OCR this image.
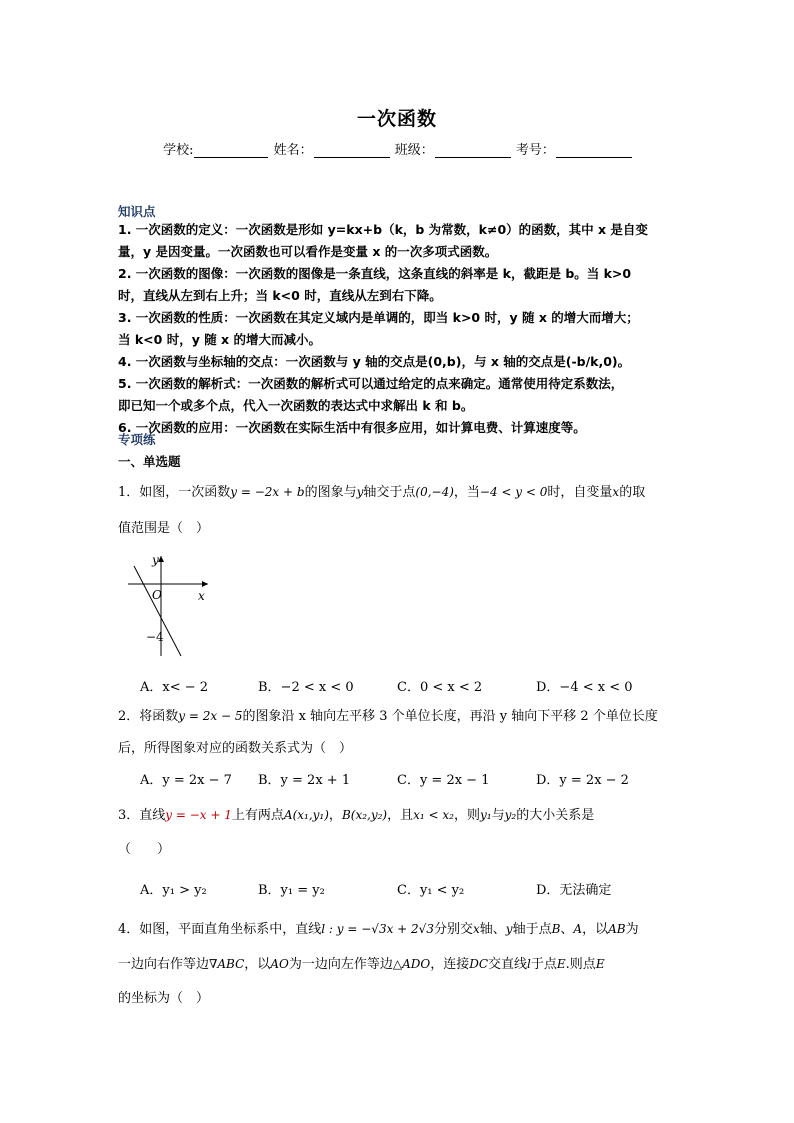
一次函数
学校:	姓名：	班级：	考号：
知识点

1. 一次函数的定义：一次函数是形如 y=kx+b（k，b 为常数，k≠0）的函数，其中 x 是自变

量，y 是因变量。一次函数也可以看作是变量 x 的一次多项式函数。

2. 一次函数的图像：一次函数的图像是一条直线，这条直线的斜率是 k，截距是 b。当 k>0

时，直线从左到右上升；当 k<0 时，直线从左到右下降。

3. 一次函数的性质：一次函数在其定义域内是单调的，即当 k>0 时，y 随 x 的增大而增大；

当 k<0 时，y 随 x 的增大而减小。

4. 一次函数与坐标轴的交点：一次函数与 y 轴的交点是(0,b)，与 x 轴的交点是(-b/k,0)。

5. 一次函数的解析式：一次函数的解析式可以通过给定的点来确定。通常使用待定系数法，

即已知一个或多个点，代入一次函数的表达式中求解出 k 和 b。

6. 一次函数的应用：一次函数在实际生活中有很多应用，如计算电费、计算速度等。

专项练
一、单选题

1．如图，一次函数y = −2x + b的图象与y轴交于点(0,−4)，当−4 < y < 0时，自变量x的取

值范围是（　）

y
x
O
−4
A．x< − 2	B．−2 < x < 0	C．0 < x < 2	D．−4 < x < 0

2．将函数y = 2x − 5的图象沿 x 轴向左平移 3 个单位长度，再沿 y 轴向下平移 2 个单位长度

后，所得图象对应的函数关系式为（　）

A．y = 2x − 7 B．y = 2x + 1	C．y = 2x − 1	D．y = 2x − 2

3．直线y = −x + 1上有两点A(x₁,y₁)，B(x₂,y₂)，且x₁ < x₂，则y₁与y₂的大小关系是

（　　）

A．y₁ > y₂	B．y₁ = y₂	C．y₁ < y₂	D．无法确定

4．如图，平面直角坐标系中，直线l : y = −√3x + 2√3分别交x轴、y轴于点B、A，以AB为

一边向右作等边∇ABC，以AO为一边向左作等边△ADO，连接DC交直线l于点E.则点E

的坐标为（　）
